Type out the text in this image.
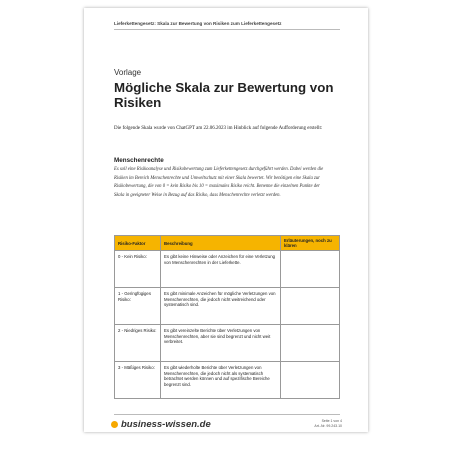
Lieferkettengesetz: Skala zur Bewertung von Risiken zum Lieferkettengesetz
Vorlage
Mögliche Skala zur Bewertung von Risiken
Die folgende Skala wurde von ChatGPT am 22.06.2023 im Hinblick auf folgende Aufforderung erstellt:
Menschenrechte
Es soll eine Risikoanalyse und Risikobewertung zum Lieferkettengesetz durchgeführt werden. Dabei werden die Risiken im Bereich Menschenrechte und Umweltschutz mit einer Skala bewertet. Wir benötigen eine Skala zur Risikobewertung, die von 0 = kein Risiko bis 10 = maximales Risiko reicht. Benenne die einzelnen Punkte der Skala in geeigneter Weise in Bezug auf das Risiko, dass Menschenrechte verletzt werden.
Risiko-Faktor	Beschreibung	Erläuterungen, noch zu klären
0 - Kein Risiko:	Es gibt keine Hinweise oder Anzeichen für eine Verletzung von Menschenrechten in der Lieferkette.	
1 - Geringfügiges Risiko:	Es gibt minimale Anzeichen für mögliche Verletzungen von Menschenrechten, die jedoch nicht weitreichend oder systematisch sind.	
2 - Niedriges Risiko:	Es gibt vereinzelte Berichte über Verletzungen von Menschenrechten, aber sie sind begrenzt und nicht weit verbreitet.	
3 - Mäßiges Risiko:	Es gibt wiederholte Berichte über Verletzungen von Menschenrechten, die jedoch nicht als systematisch betrachtet werden können und auf spezifische Bereiche begrenzt sind.	
business-wissen.de	Seite 1 von 4
Art.-Nr. 99.243.10
